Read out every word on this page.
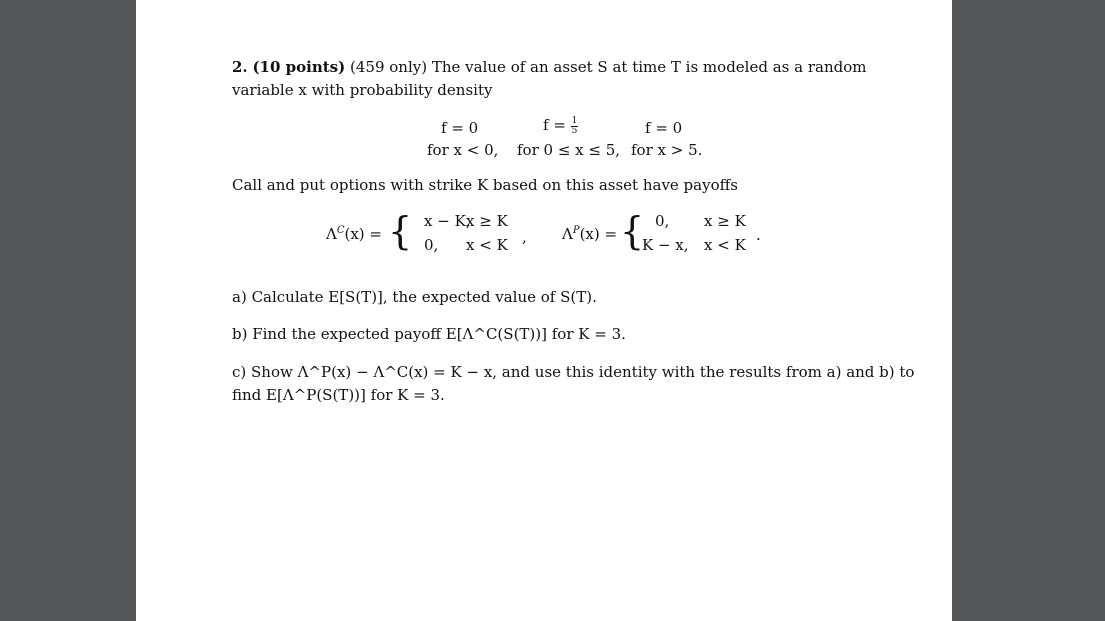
2. (10 points) (459 only) The value of an asset S at time T is modeled as a random
variable x with probability density
f = 0
for x < 0,
$f = \frac{1}{5}$
for 0 ≤ x ≤ 5,
f = 0
for x > 5.
Call and put options with strike K based on this asset have payoffs
$\Lambda^C(x)$ = { x − K,
x ≥ K
0, x < K , $\Lambda^P(x)$ = { 0, x ≥ K
K − x, x < K
.
a) Calculate E[S(T)], the expected value of S(T).
b) Find the expected payoff E[Λ^C(S(T))] for K = 3.
c) Show Λ^P(x) − Λ^C(x) = K − x, and use this identity with the results from a) and b) to
find E[Λ^P(S(T))] for K = 3.
